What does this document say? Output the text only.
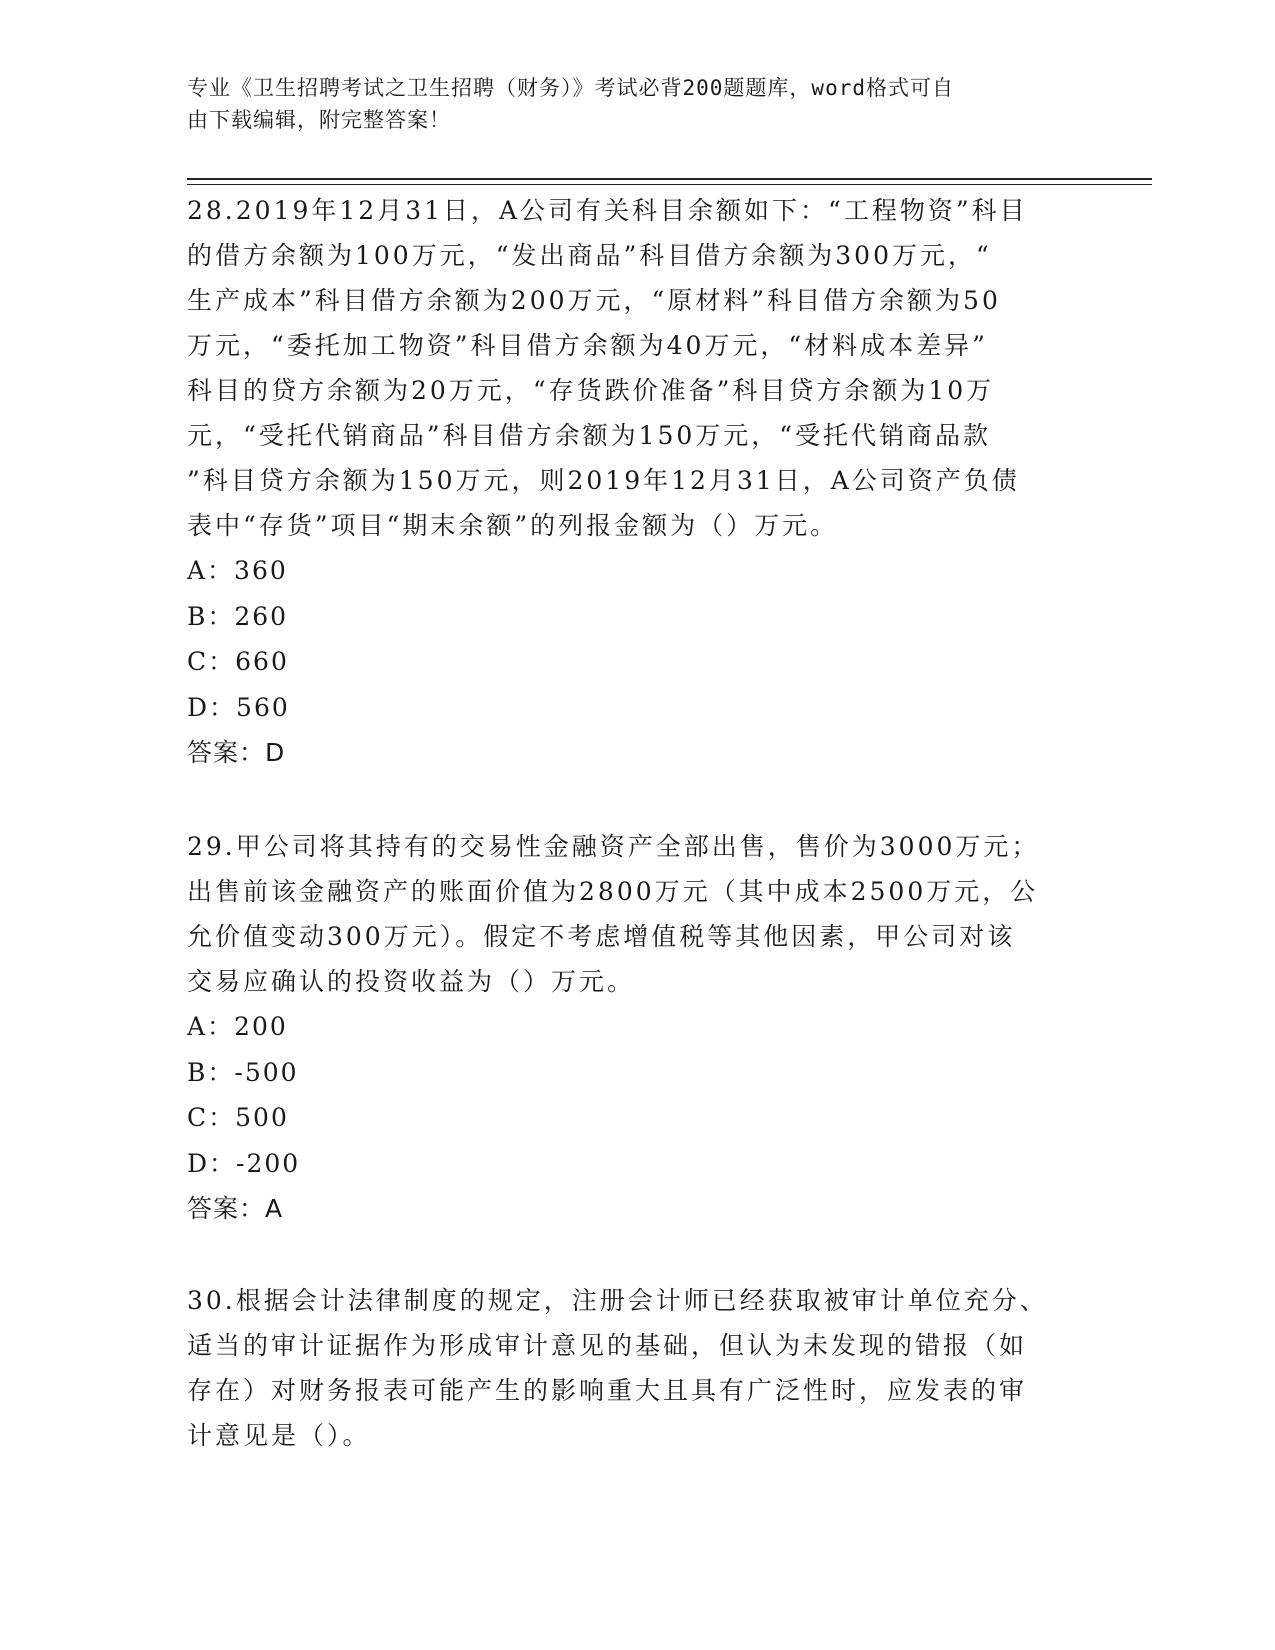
专业《卫生招聘考试之卫生招聘（财务）》考试必背200题题库，word格式可自
由下载编辑，附完整答案！

28.2019年12月31日，A公司有关科目余额如下：“工程物资”科目

的借方余额为100万元，“发出商品”科目借方余额为300万元，“

生产成本”科目借方余额为200万元，“原材料”科目借方余额为50

万元，“委托加工物资”科目借方余额为40万元，“材料成本差异”

科目的贷方余额为20万元，“存货跌价准备”科目贷方余额为10万

元，“受托代销商品”科目借方余额为150万元，“受托代销商品款

”科目贷方余额为150万元，则2019年12月31日，A公司资产负债

表中“存货”项目“期末余额”的列报金额为（）万元。

A：360

B：260

C：660

D：560

答案：D

29.甲公司将其持有的交易性金融资产全部出售，售价为3000万元；

出售前该金融资产的账面价值为2800万元（其中成本2500万元，公

允价值变动300万元）。假定不考虑增值税等其他因素，甲公司对该

交易应确认的投资收益为（）万元。

A：200

B：-500

C：500

D：-200

答案：A

30.根据会计法律制度的规定，注册会计师已经获取被审计单位充分、

适当的审计证据作为形成审计意见的基础，但认为未发现的错报（如

存在）对财务报表可能产生的影响重大且具有广泛性时，应发表的审

计意见是（）。
